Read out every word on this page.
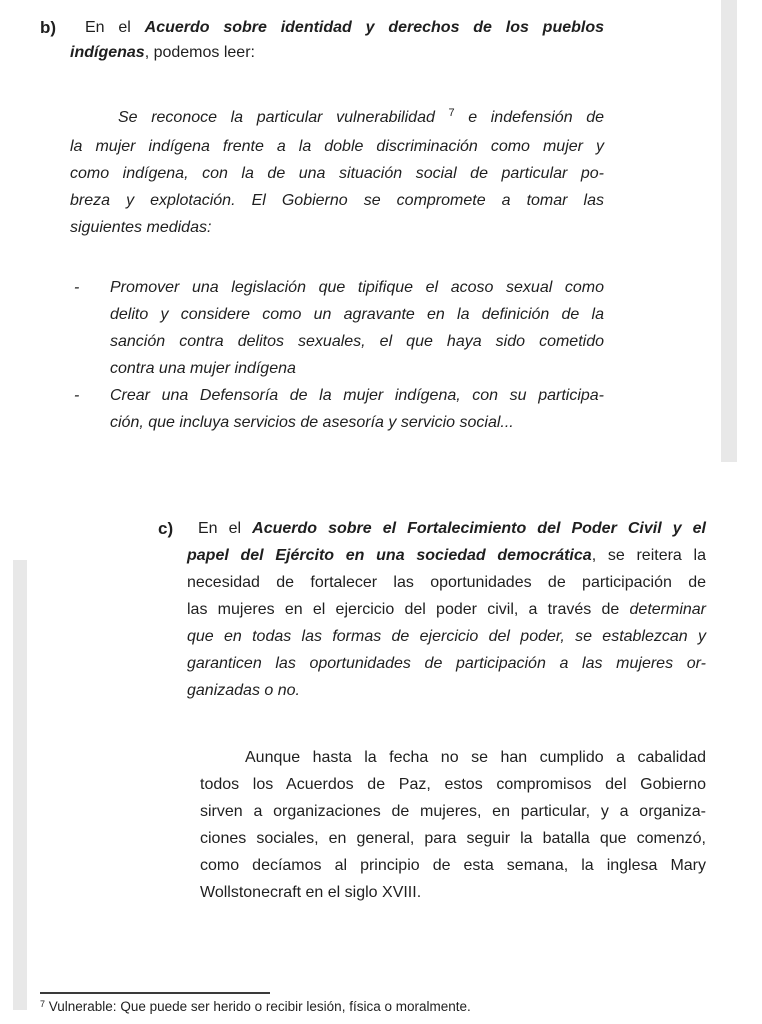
b)	En el Acuerdo sobre identidad y derechos de los pueblos
indígenas, podemos leer:
Se reconoce la particular vulnerabilidad $^7$ e indefensión de
la mujer indígena frente a la doble discriminación como mujer y
como indígena, con la de una situación social de particular po-
breza y explotación. El Gobierno se compromete a tomar las
siguientes medidas:
- Promover una legislación que tipifique el acoso sexual como
delito y considere como un agravante en la definición de la
sanción contra delitos sexuales, el que haya sido cometido
contra una mujer indígena
- Crear una Defensoría de la mujer indígena, con su participa-
ción, que incluya servicios de asesoría y servicio social...
c)	En el Acuerdo sobre el Fortalecimiento del Poder Civil y el
papel del Ejército en una sociedad democrática, se reitera la
necesidad de fortalecer las oportunidades de participación de
las mujeres en el ejercicio del poder civil, a través de determinar
que en todas las formas de ejercicio del poder, se establezcan y
garanticen las oportunidades de participación a las mujeres or-
ganizadas o no.
Aunque hasta la fecha no se han cumplido a cabalidad
todos los Acuerdos de Paz, estos compromisos del Gobierno
sirven a organizaciones de mujeres, en particular, y a organiza-
ciones sociales, en general, para seguir la batalla que comenzó,
como decíamos al principio de esta semana, la inglesa Mary
Wollstonecraft en el siglo XVIII.
$^7$ Vulnerable: Que puede ser herido o recibir lesión, física o moralmente.
